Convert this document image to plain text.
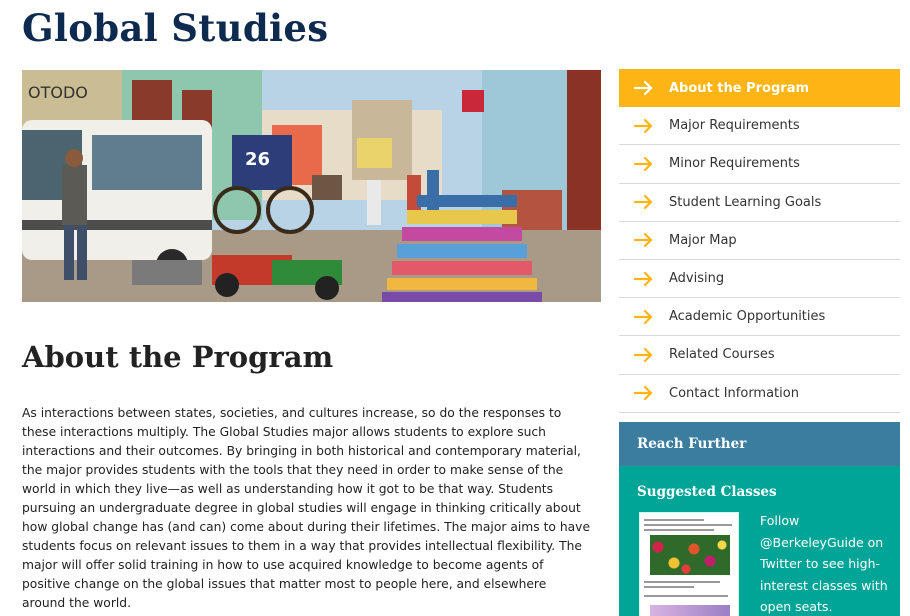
Global Studies
OTODO
26
About the Program

As interactions between states, societies, and cultures increase, so do the responses to these interactions multiply. The Global Studies major allows students to explore such interactions and their outcomes. By bringing in both historical and contemporary material, the major provides students with the tools that they need in order to make sense of the world in which they live—as well as understanding how it got to be that way. Students pursuing an undergraduate degree in global studies will engage in thinking critically about how global change has (and can) come about during their lifetimes. The major aims to have students focus on relevant issues to them in a way that provides intellectual flexibility. The major will offer solid training in how to use acquired knowledge to become agents of positive change on the global issues that matter most to people here, and elsewhere around the world.

About the Program
Major Requirements
Minor Requirements
Student Learning Goals
Major Map
Advising
Academic Opportunities
Related Courses
Contact Information
Reach Further
Suggested Classes
Follow @BerkeleyGuide on Twitter to see high-interest classes with open seats.
